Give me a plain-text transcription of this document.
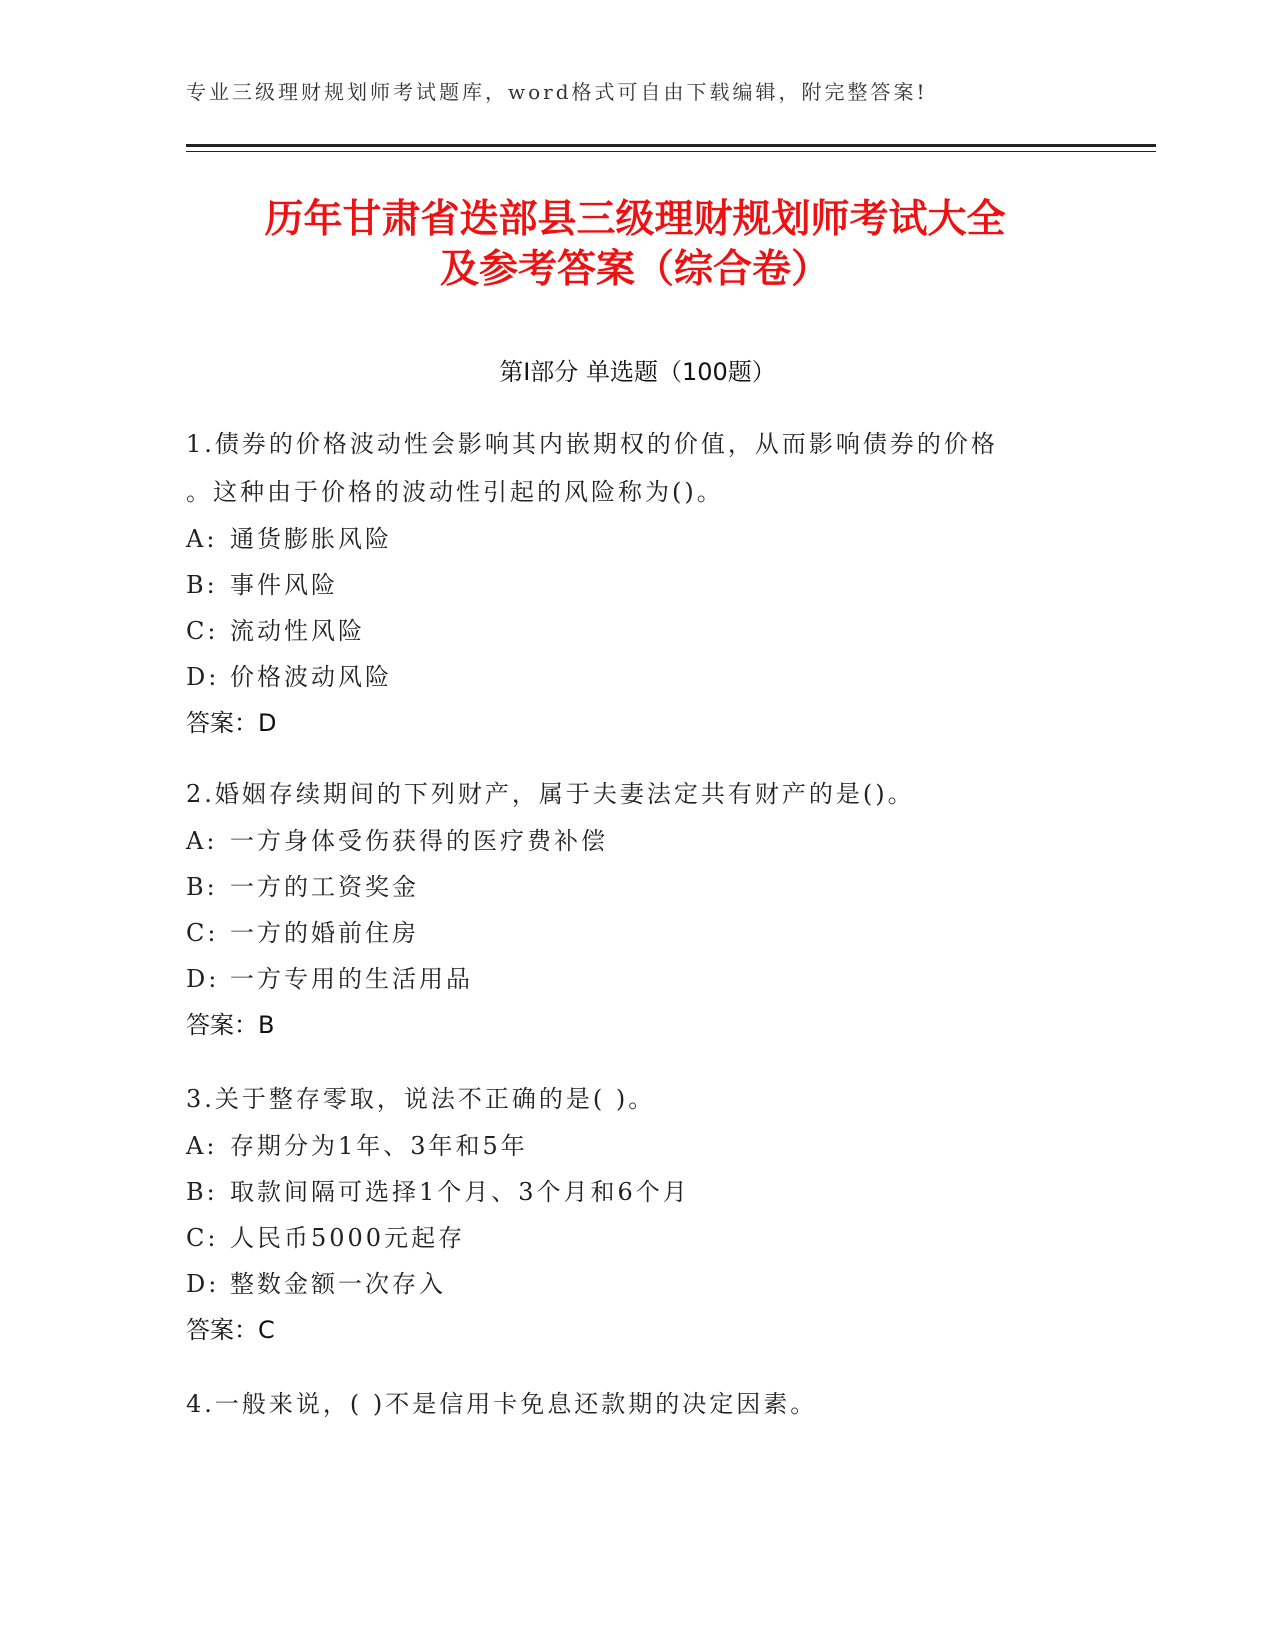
专业三级理财规划师考试题库，word格式可自由下载编辑，附完整答案!
历年甘肃省迭部县三级理财规划师考试大全
及参考答案（综合卷）
第Ⅰ部分 单选题（100题）
1.债券的价格波动性会影响其内嵌期权的价值，从而影响债券的价格
。这种由于价格的波动性引起的风险称为()。
A: 通货膨胀风险
B: 事件风险
C: 流动性风险
D: 价格波动风险
答案：D
2.婚姻存续期间的下列财产，属于夫妻法定共有财产的是()。
A: 一方身体受伤获得的医疗费补偿
B: 一方的工资奖金
C: 一方的婚前住房
D: 一方专用的生活用品
答案：B
3.关于整存零取，说法不正确的是( )。
A: 存期分为1年、3年和5年
B: 取款间隔可选择1个月、3个月和6个月
C: 人民币5000元起存
D: 整数金额一次存入
答案：C
4.一般来说，( )不是信用卡免息还款期的决定因素。
